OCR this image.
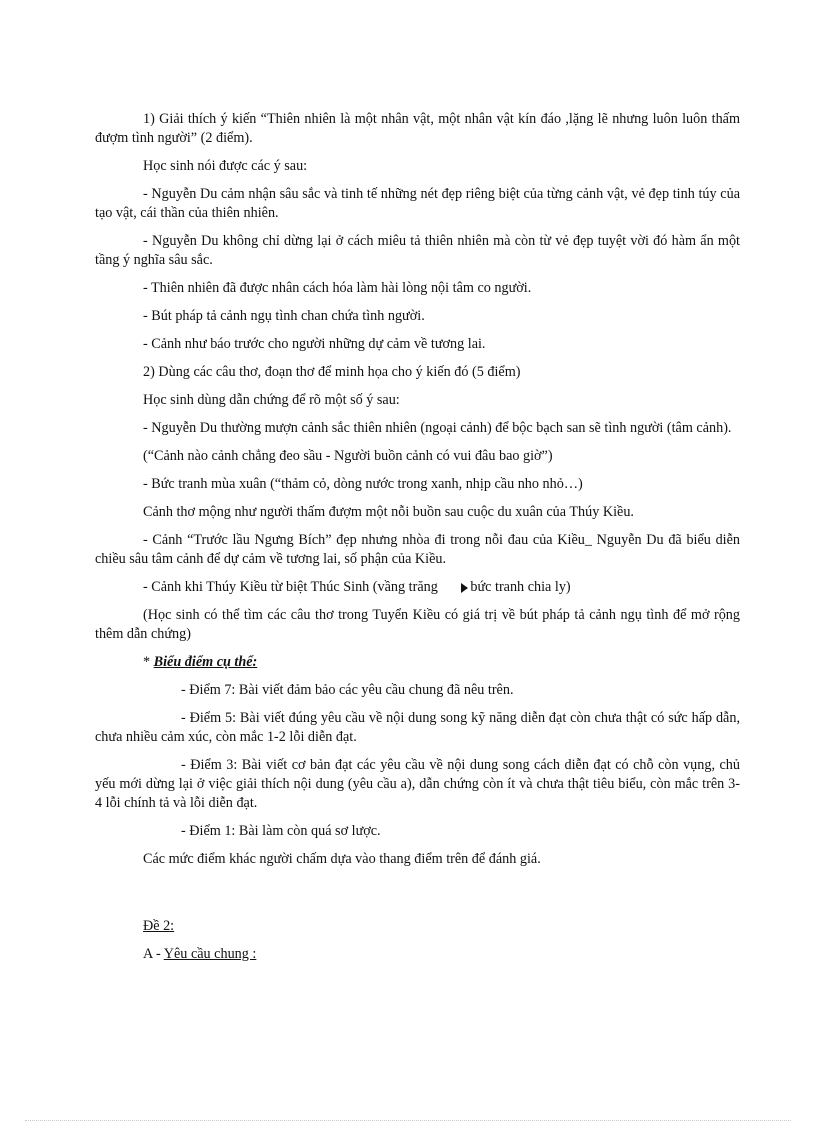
1) Giải thích ý kiến “Thiên nhiên là một nhân vật, một nhân vật kín đáo ,lặng lẽ nhưng luôn luôn thấm đượm tình người” (2 điểm).

Học sinh nói được các ý sau:

- Nguyễn Du cảm nhận sâu sắc và tinh tế những nét đẹp riêng biệt của từng cảnh vật, vẻ đẹp tinh túy của tạo vật, cái thần của thiên nhiên.

- Nguyễn Du không chỉ dừng lại ở cách miêu tả thiên nhiên mà còn từ vẻ đẹp tuyệt vời đó hàm ẩn một tầng ý nghĩa sâu sắc.

- Thiên nhiên đã được nhân cách hóa làm hài lòng nội tâm co người.

- Bút pháp tả cảnh ngụ tình chan chứa tình người.

- Cảnh như báo trước cho người những dự cảm về tương lai.

2) Dùng các câu thơ, đoạn thơ để minh họa cho ý kiến đó (5 điểm)

Học sinh dùng dẫn chứng để rõ một số ý sau:

- Nguyễn Du thường mượn cảnh sắc thiên nhiên (ngoại cảnh) để bộc bạch san sẽ tình người (tâm cảnh).

(“Cảnh nào cảnh chẳng đeo sầu - Người buồn cảnh có vui đâu bao giờ”)

- Bức tranh mùa xuân (“thảm cỏ, dòng nước trong xanh, nhịp cầu nho nhỏ…)

Cảnh thơ mộng như người thấm đượm một nỗi buồn sau cuộc du xuân của Thúy Kiều.

- Cảnh “Trước lầu Ngưng Bích” đẹp nhưng nhòa đi trong nỗi đau của Kiều_ Nguyễn Du đã biểu diễn chiều sâu tâm cảnh để dự cảm về tương lai, số phận của Kiều.

- Cảnh khi Thúy Kiều từ biệt Thúc Sinh (vầng trăng bức tranh chia ly)

(Học sinh có thể tìm các câu thơ trong Tuyển Kiều có giá trị về bút pháp tả cảnh ngụ tình để mở rộng thêm dẫn chứng)

* Biểu điểm cụ thể:

- Điểm 7: Bài viết đảm bảo các yêu cầu chung đã nêu trên.

- Điểm 5: Bài viết đúng yêu cầu về nội dung song kỹ năng diễn đạt còn chưa thật có sức hấp dẫn, chưa nhiều cảm xúc, còn mắc 1-2 lỗi diễn đạt.

- Điểm 3: Bài viết cơ bản đạt các yêu cầu về nội dung song cách diễn đạt có chỗ còn vụng, chủ yếu mới dừng lại ở việc giải thích nội dung (yêu cầu a), dẫn chứng còn ít và chưa thật tiêu biểu, còn mắc trên 3- 4 lỗi chính tả và lỗi diễn đạt.

- Điểm 1: Bài làm còn quá sơ lược.

Các mức điểm khác người chấm dựa vào thang điểm trên để đánh giá.

Đề 2:

A - Yêu cầu chung :
